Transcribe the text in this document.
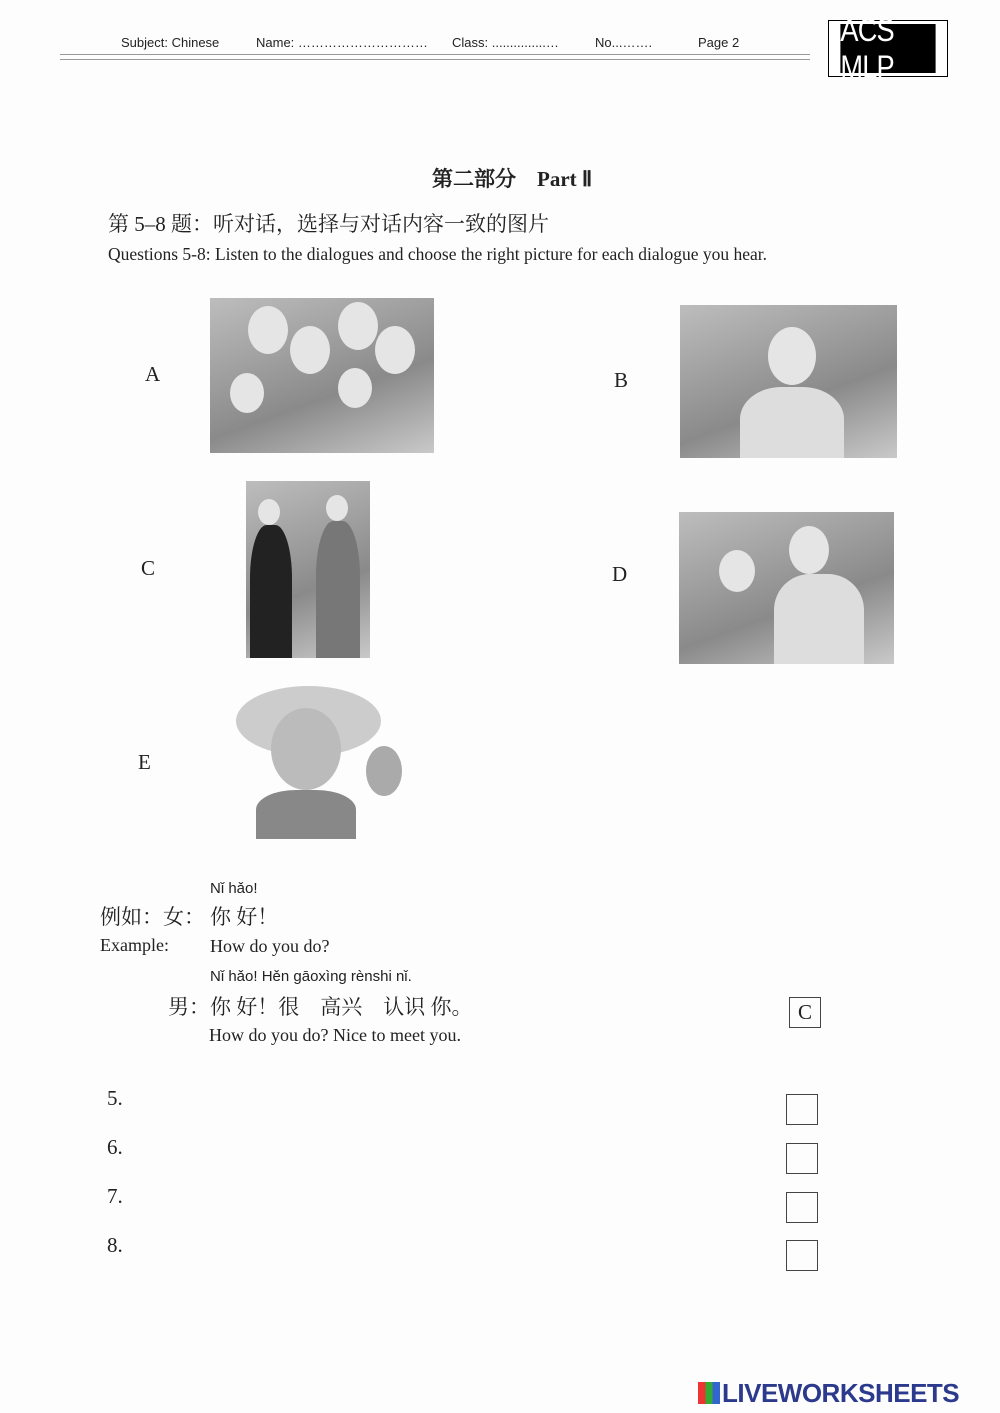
Subject: Chinese	Name: ………………………… Class: ...............…	No...…….	Page 2	ACS MLP
第二部分　Part Ⅱ
第 5–8 题：听对话，选择与对话内容一致的图片
Questions 5-8: Listen to the dialogues and choose the right picture for each dialogue you hear.
A	B
C	D
E
Nǐ hǎo!
例如：女： 你 好！
Example: How do you do?
Nǐ hǎo! Hěn gāoxìng rènshi nǐ.
男： 你 好！很　高兴　认识 你。
How do you do? Nice to meet you.
C
5.
6.
7.
8.
LIVEWORKSHEETS
